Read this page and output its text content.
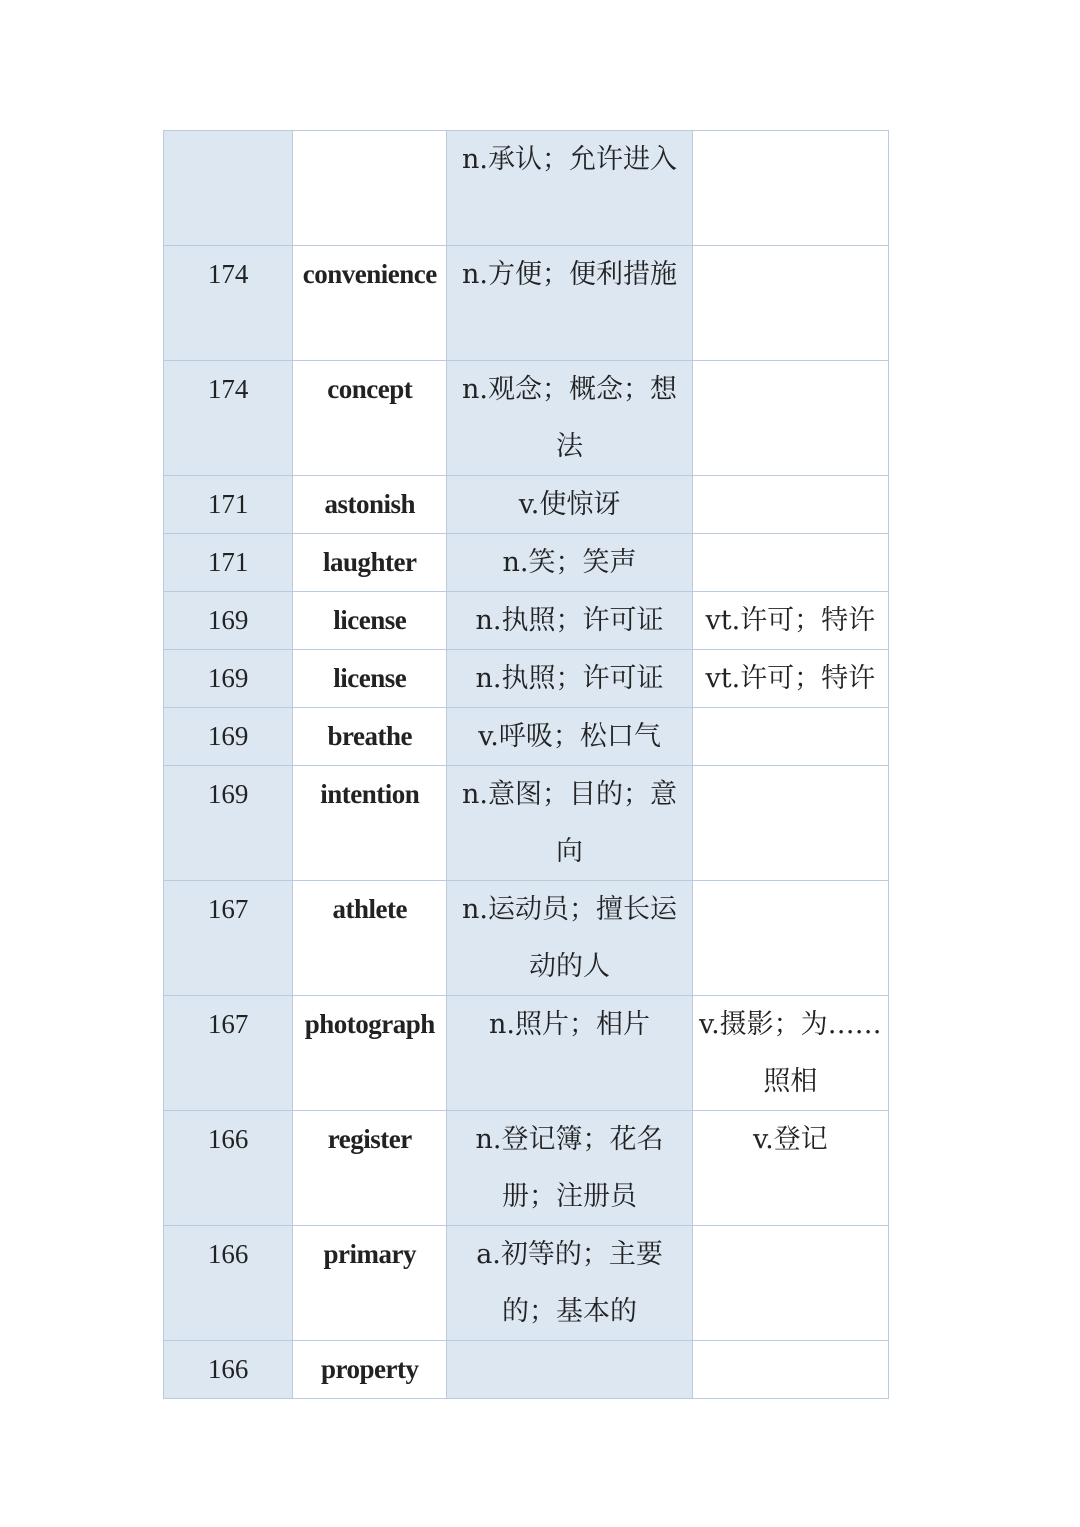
		n.承认；允许进入	
174	convenience	n.方便；便利措施	
174	concept	n.观念；概念；想法	
171	astonish	v.使惊讶	
171	laughter	n.笑；笑声	
169	license	n.执照；许可证	vt.许可；特许
169	license	n.执照；许可证	vt.许可；特许
169	breathe	v.呼吸；松口气	
169	intention	n.意图；目的；意向	
167	athlete	n.运动员；擅长运动的人	
167	photograph	n.照片；相片	v.摄影；为……照相
166	register	n.登记簿；花名册；注册员	v.登记
166	primary	a.初等的；主要的；基本的	
166	property		
